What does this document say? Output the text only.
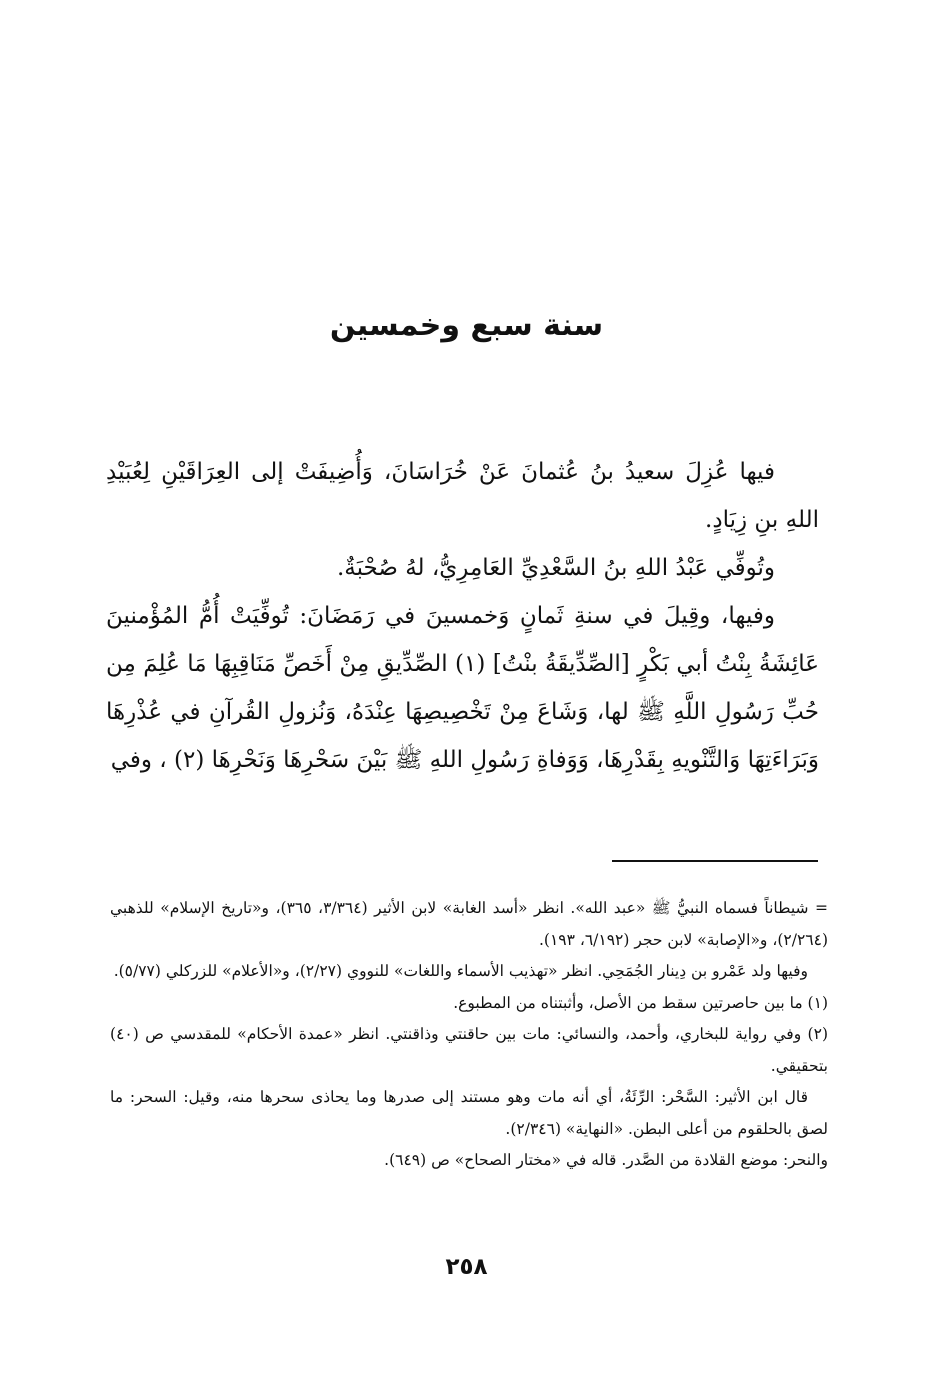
سنة سبع وخمسين

فيها عُزِلَ سعيدُ بنُ عُثمانَ عَنْ خُرَاسَانَ، وَأُضِيفَتْ إلى العِرَاقَيْنِ لِعُبَيْدِ اللهِ بنِ زِيَادٍ.

وتُوفِّي عَبْدُ اللهِ بنُ السَّعْدِيِّ العَامِرِيُّ، لهُ صُحْبَةٌ.

وفيها، وقِيلَ في سنةِ ثَمانٍ وَخمسينَ في رَمَضَانَ: تُوفِّيَتْ أُمُّ المُؤْمنينَ عَائِشَةُ بِنْتُ أبي بَكْرٍ [الصِّدِّيقَةُ بنْتُ] (١) الصِّدِّيقِ مِنْ أَخَصِّ مَنَاقِبِهَا مَا عُلِمَ مِن حُبِّ رَسُولِ اللَّهِ ﷺ لها، وَشَاعَ مِنْ تَخْصِيصِهَا عِنْدَهُ، وَنُزولِ القُرآنِ في عُذْرِهَا وَبَرَاءَتِهَا وَالتَّنْويهِ بِقَدْرِهَا، وَوَفاةِ رَسُولِ اللهِ ﷺ بَيْنَ سَحْرِهَا وَنَحْرِهَا (٢) ، وفي

= شيطاناً فسماه النبيُّ ﷺ «عبد الله». انظر «أسد الغابة» لابن الأثير (٣/٣٦٤، ٣٦٥)، و«تاريخ الإسلام» للذهبي (٢/٢٦٤)، و«الإصابة» لابن حجر (٦/١٩٢، ١٩٣).

وفيها ولد عَمْرو بن دِينار الجُمَحِي. انظر «تهذيب الأسماء واللغات» للنووي (٢/٢٧)، و«الأعلام» للزركلي (٥/٧٧).

(١) ما بين حاصرتين سقط من الأصل، وأثبتناه من المطبوع.

(٢) وفي رواية للبخاري، وأحمد، والنسائي: مات بين حاقنتي وذاقنتي. انظر «عمدة الأحكام» للمقدسي ص (٤٠) بتحقيقي.

قال ابن الأثير: السَّحْر: الرِّئَةُ، أي أنه مات وهو مستند إلى صدرها وما يحاذى سحرها منه، وقيل: السحر: ما لصق بالحلقوم من أعلى البطن. «النهاية» (٢/٣٤٦).

والنحر: موضع القلادة من الصَّدر. قاله في «مختار الصحاح» ص (٦٤٩).

٢٥٨
